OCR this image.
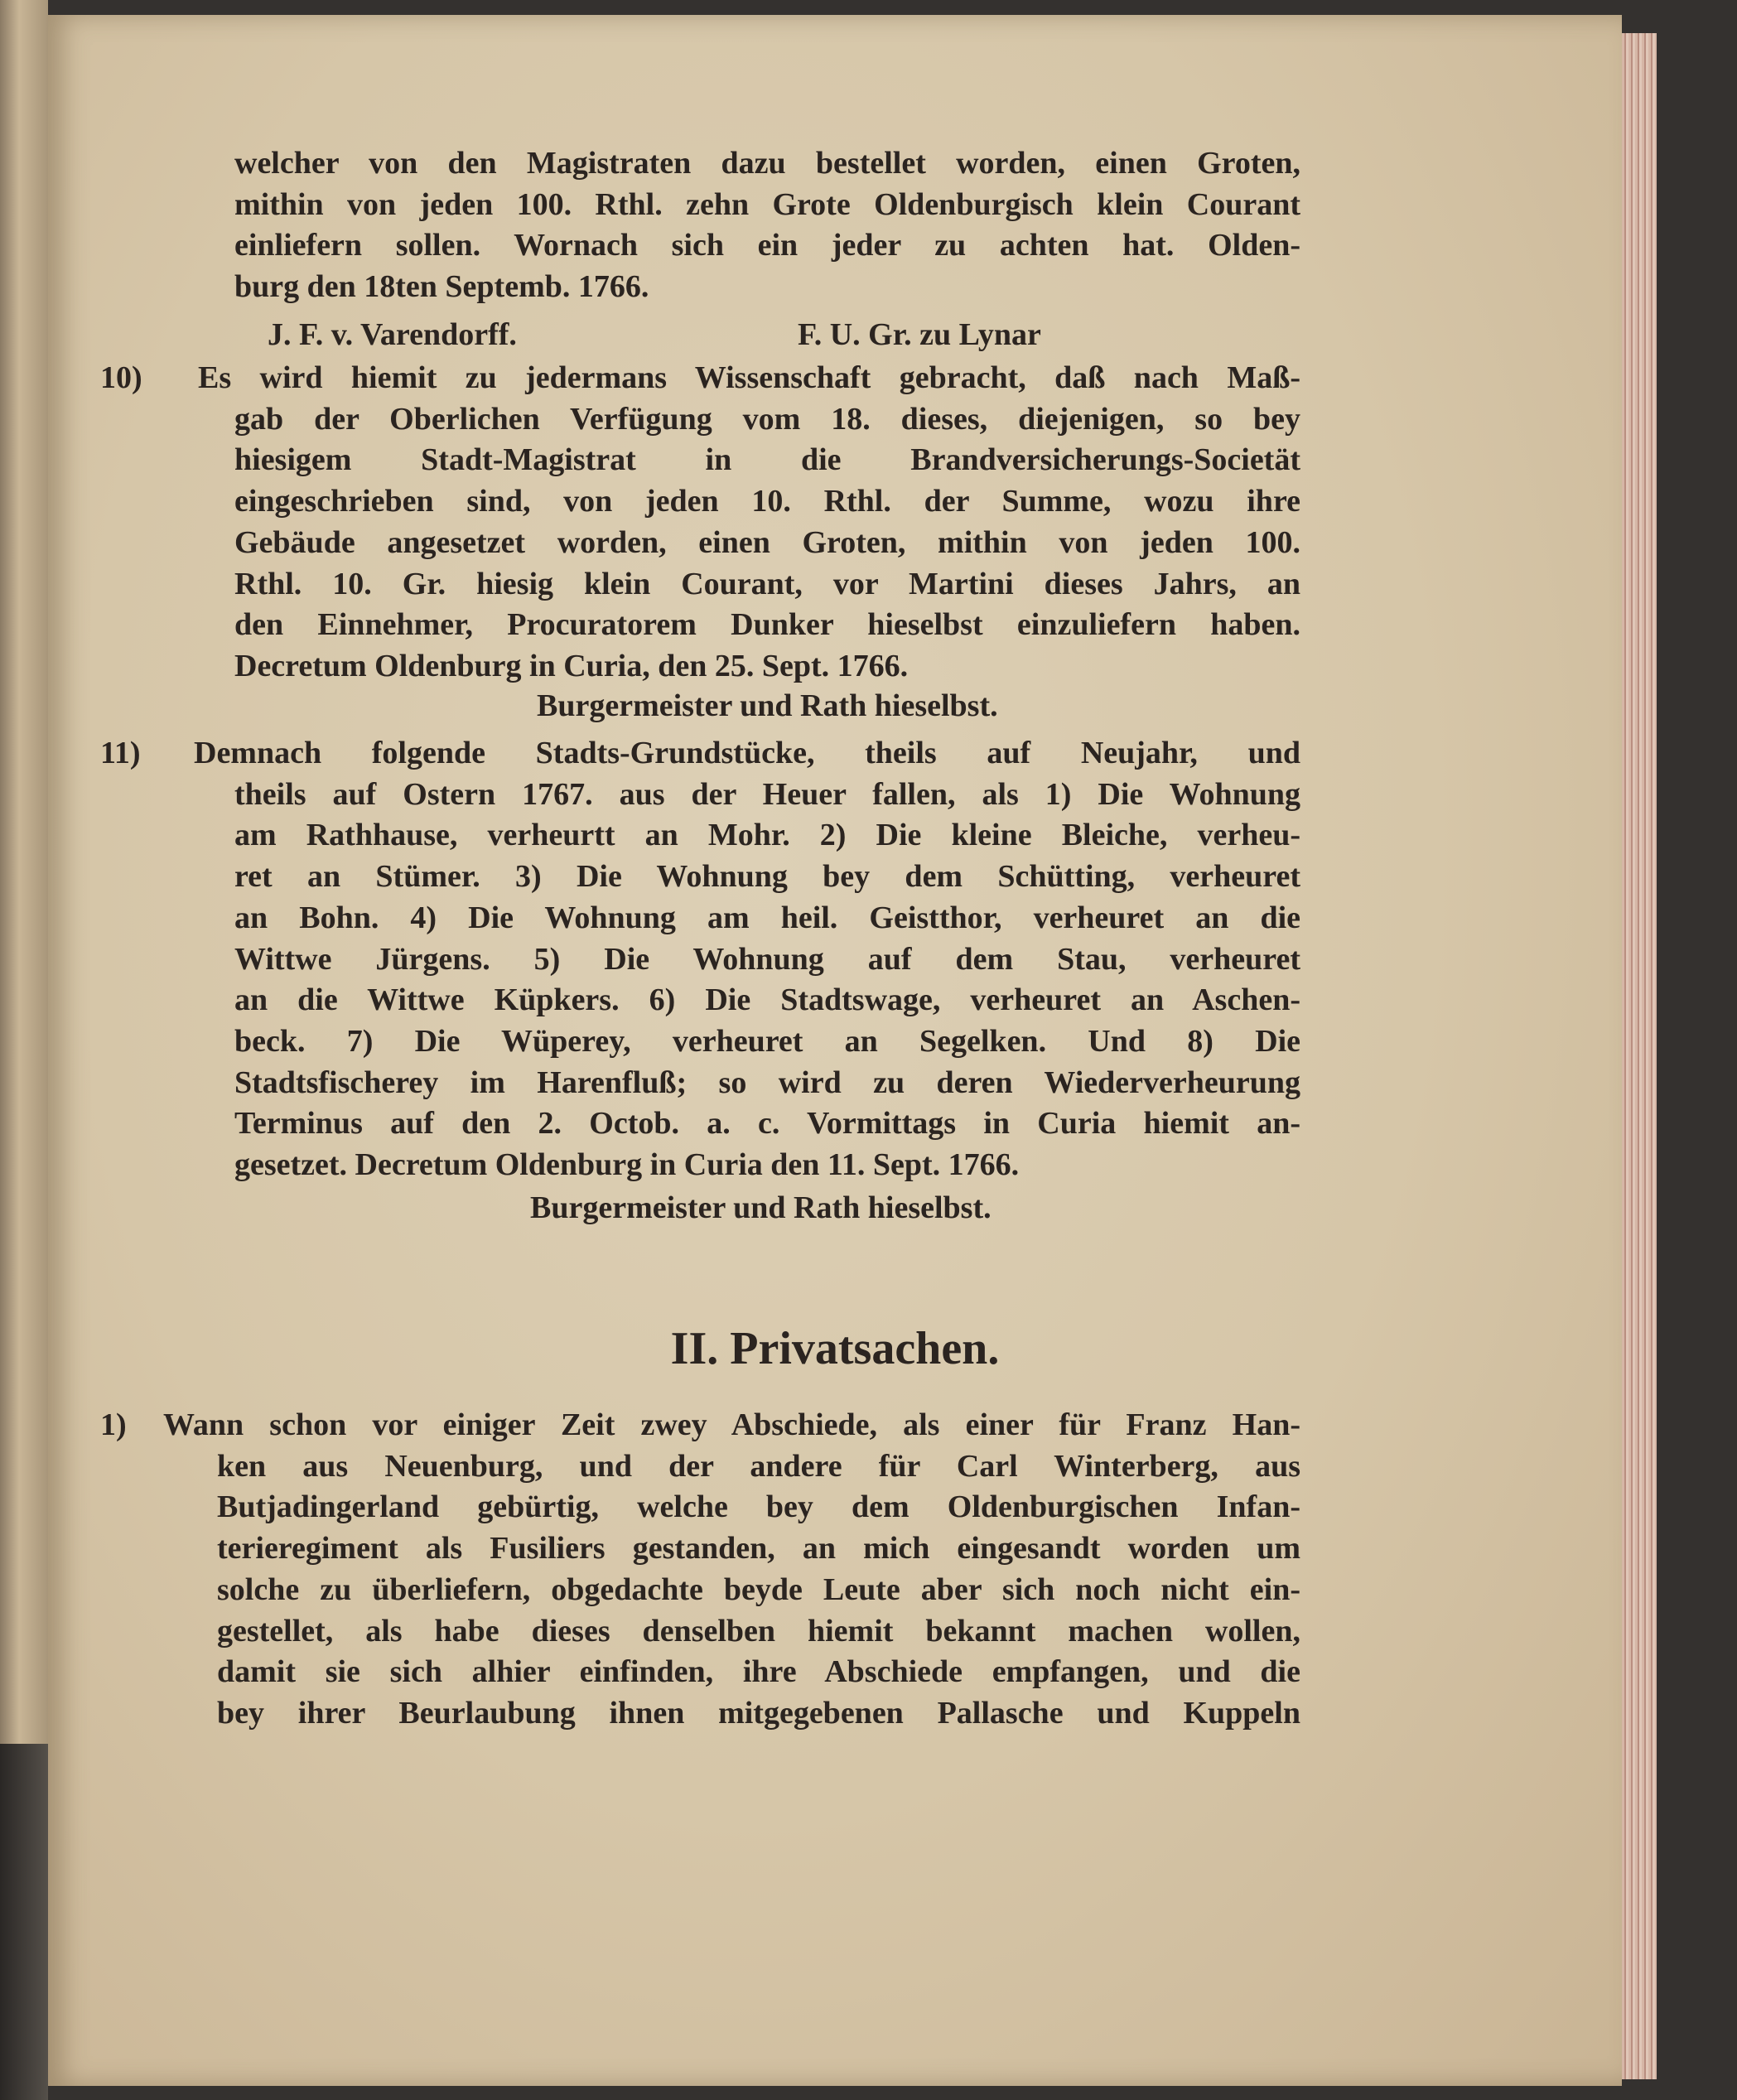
welcher von den Magistraten dazu bestellet worden, einen Groten,
mithin von jeden 100. Rthl. zehn Grote Oldenburgisch klein Courant
einliefern sollen. Wornach sich ein jeder zu achten hat. Olden-
burg den 18ten Septemb. 1766.
J. F. v. Varendorff.	F. U. Gr. zu Lynar
10) Es wird hiemit zu jedermans Wissenschaft gebracht, daß nach Maß-
gab der Oberlichen Verfügung vom 18. dieses, diejenigen, so bey
hiesigem Stadt-Magistrat in die Brandversicherungs-Societät
eingeschrieben sind, von jeden 10. Rthl. der Summe, wozu ihre
Gebäude angesetzet worden, einen Groten, mithin von jeden 100.
Rthl. 10. Gr. hiesig klein Courant, vor Martini dieses Jahrs, an
den Einnehmer, Procuratorem Dunker hieselbst einzuliefern haben.
Decretum Oldenburg in Curia, den 25. Sept. 1766.
Burgermeister und Rath hieselbst.
11) Demnach folgende Stadts-Grundstücke, theils auf Neujahr, und
theils auf Ostern 1767. aus der Heuer fallen, als 1) Die Wohnung
am Rathhause, verheurtt an Mohr. 2) Die kleine Bleiche, verheu-
ret an Stümer. 3) Die Wohnung bey dem Schütting, verheuret
an Bohn. 4) Die Wohnung am heil. Geistthor, verheuret an die
Wittwe Jürgens. 5) Die Wohnung auf dem Stau, verheuret
an die Wittwe Küpkers. 6) Die Stadtswage, verheuret an Aschen-
beck. 7) Die Wüperey, verheuret an Segelken. Und 8) Die
Stadtsfischerey im Harenfluß; so wird zu deren Wiederverheurung
Terminus auf den 2. Octob. a. c. Vormittags in Curia hiemit an-
gesetzet. Decretum Oldenburg in Curia den 11. Sept. 1766.
Burgermeister und Rath hieselbst.
1) Wann schon vor einiger Zeit zwey Abschiede, als einer für Franz Han-
ken aus Neuenburg, und der andere für Carl Winterberg, aus
Butjadingerland gebürtig, welche bey dem Oldenburgischen Infan-
terieregiment als Fusiliers gestanden, an mich eingesandt worden um
solche zu überliefern, obgedachte beyde Leute aber sich noch nicht ein-
gestellet, als habe dieses denselben hiemit bekannt machen wollen,
damit sie sich alhier einfinden, ihre Abschiede empfangen, und die
bey ihrer Beurlaubung ihnen mitgegebenen Pallasche und Kuppeln
II. Privatsachen.
